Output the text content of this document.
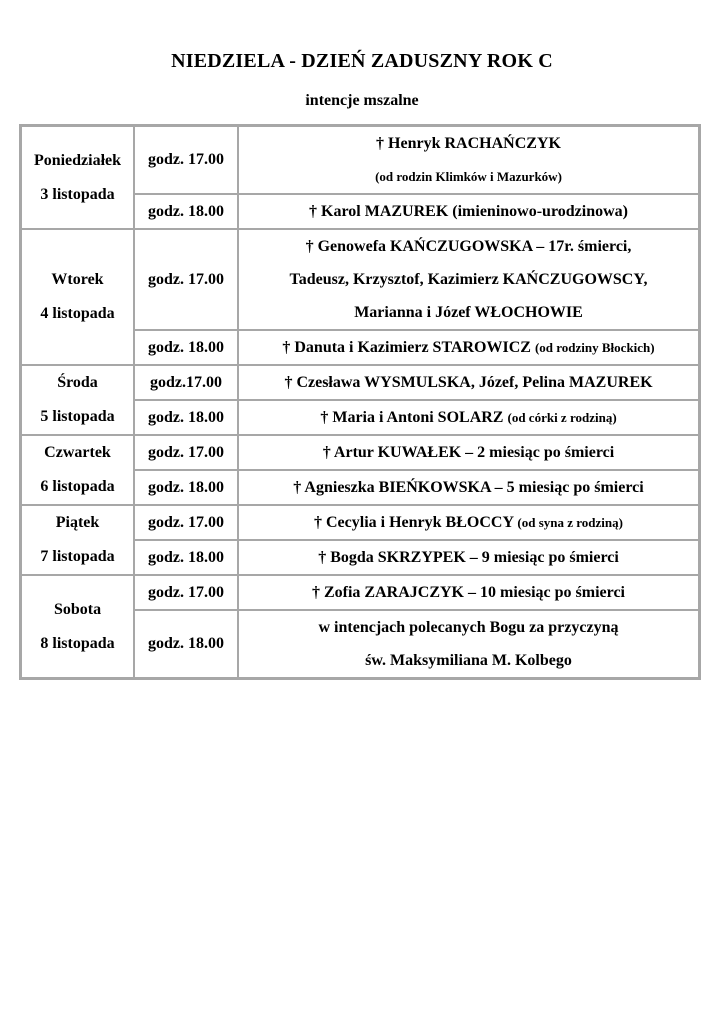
NIEDZIELA - DZIEŃ ZADUSZNY ROK C
intencje mszalne
Poniedziałek
3 listopada	godz. 17.00	† Henryk RACHAŃCZYK
(od rodzin Klimków i Mazurków)

	godz. 18.00	† Karol MAZUREK (imieninowo-urodzinowa)

Wtorek
4 listopada	godz. 17.00	† Genowefa KAŃCZUGOWSKA – 17r. śmierci,
Tadeusz, Krzysztof, Kazimierz KAŃCZUGOWSCY,
Marianna i Józef WŁOCHOWIE

	godz. 18.00	† Danuta i Kazimierz STAROWICZ (od rodziny Błockich)

Środa
5 listopada	godz.17.00	† Czesława WYSMULSKA, Józef, Pelina MAZUREK

	godz. 18.00	† Maria i Antoni SOLARZ (od córki z rodziną)

Czwartek
6 listopada	godz. 17.00	† Artur KUWAŁEK – 2 miesiąc po śmierci

	godz. 18.00	† Agnieszka BIEŃKOWSKA – 5 miesiąc po śmierci

Piątek
7 listopada	godz. 17.00	† Cecylia i Henryk BŁOCCY (od syna z rodziną)

	godz. 18.00	† Bogda SKRZYPEK – 9 miesiąc po śmierci

Sobota
8 listopada	godz. 17.00	† Zofia ZARAJCZYK – 10 miesiąc po śmierci

	godz. 18.00	w intencjach polecanych Bogu za przyczyną
św. Maksymiliana M. Kolbego
